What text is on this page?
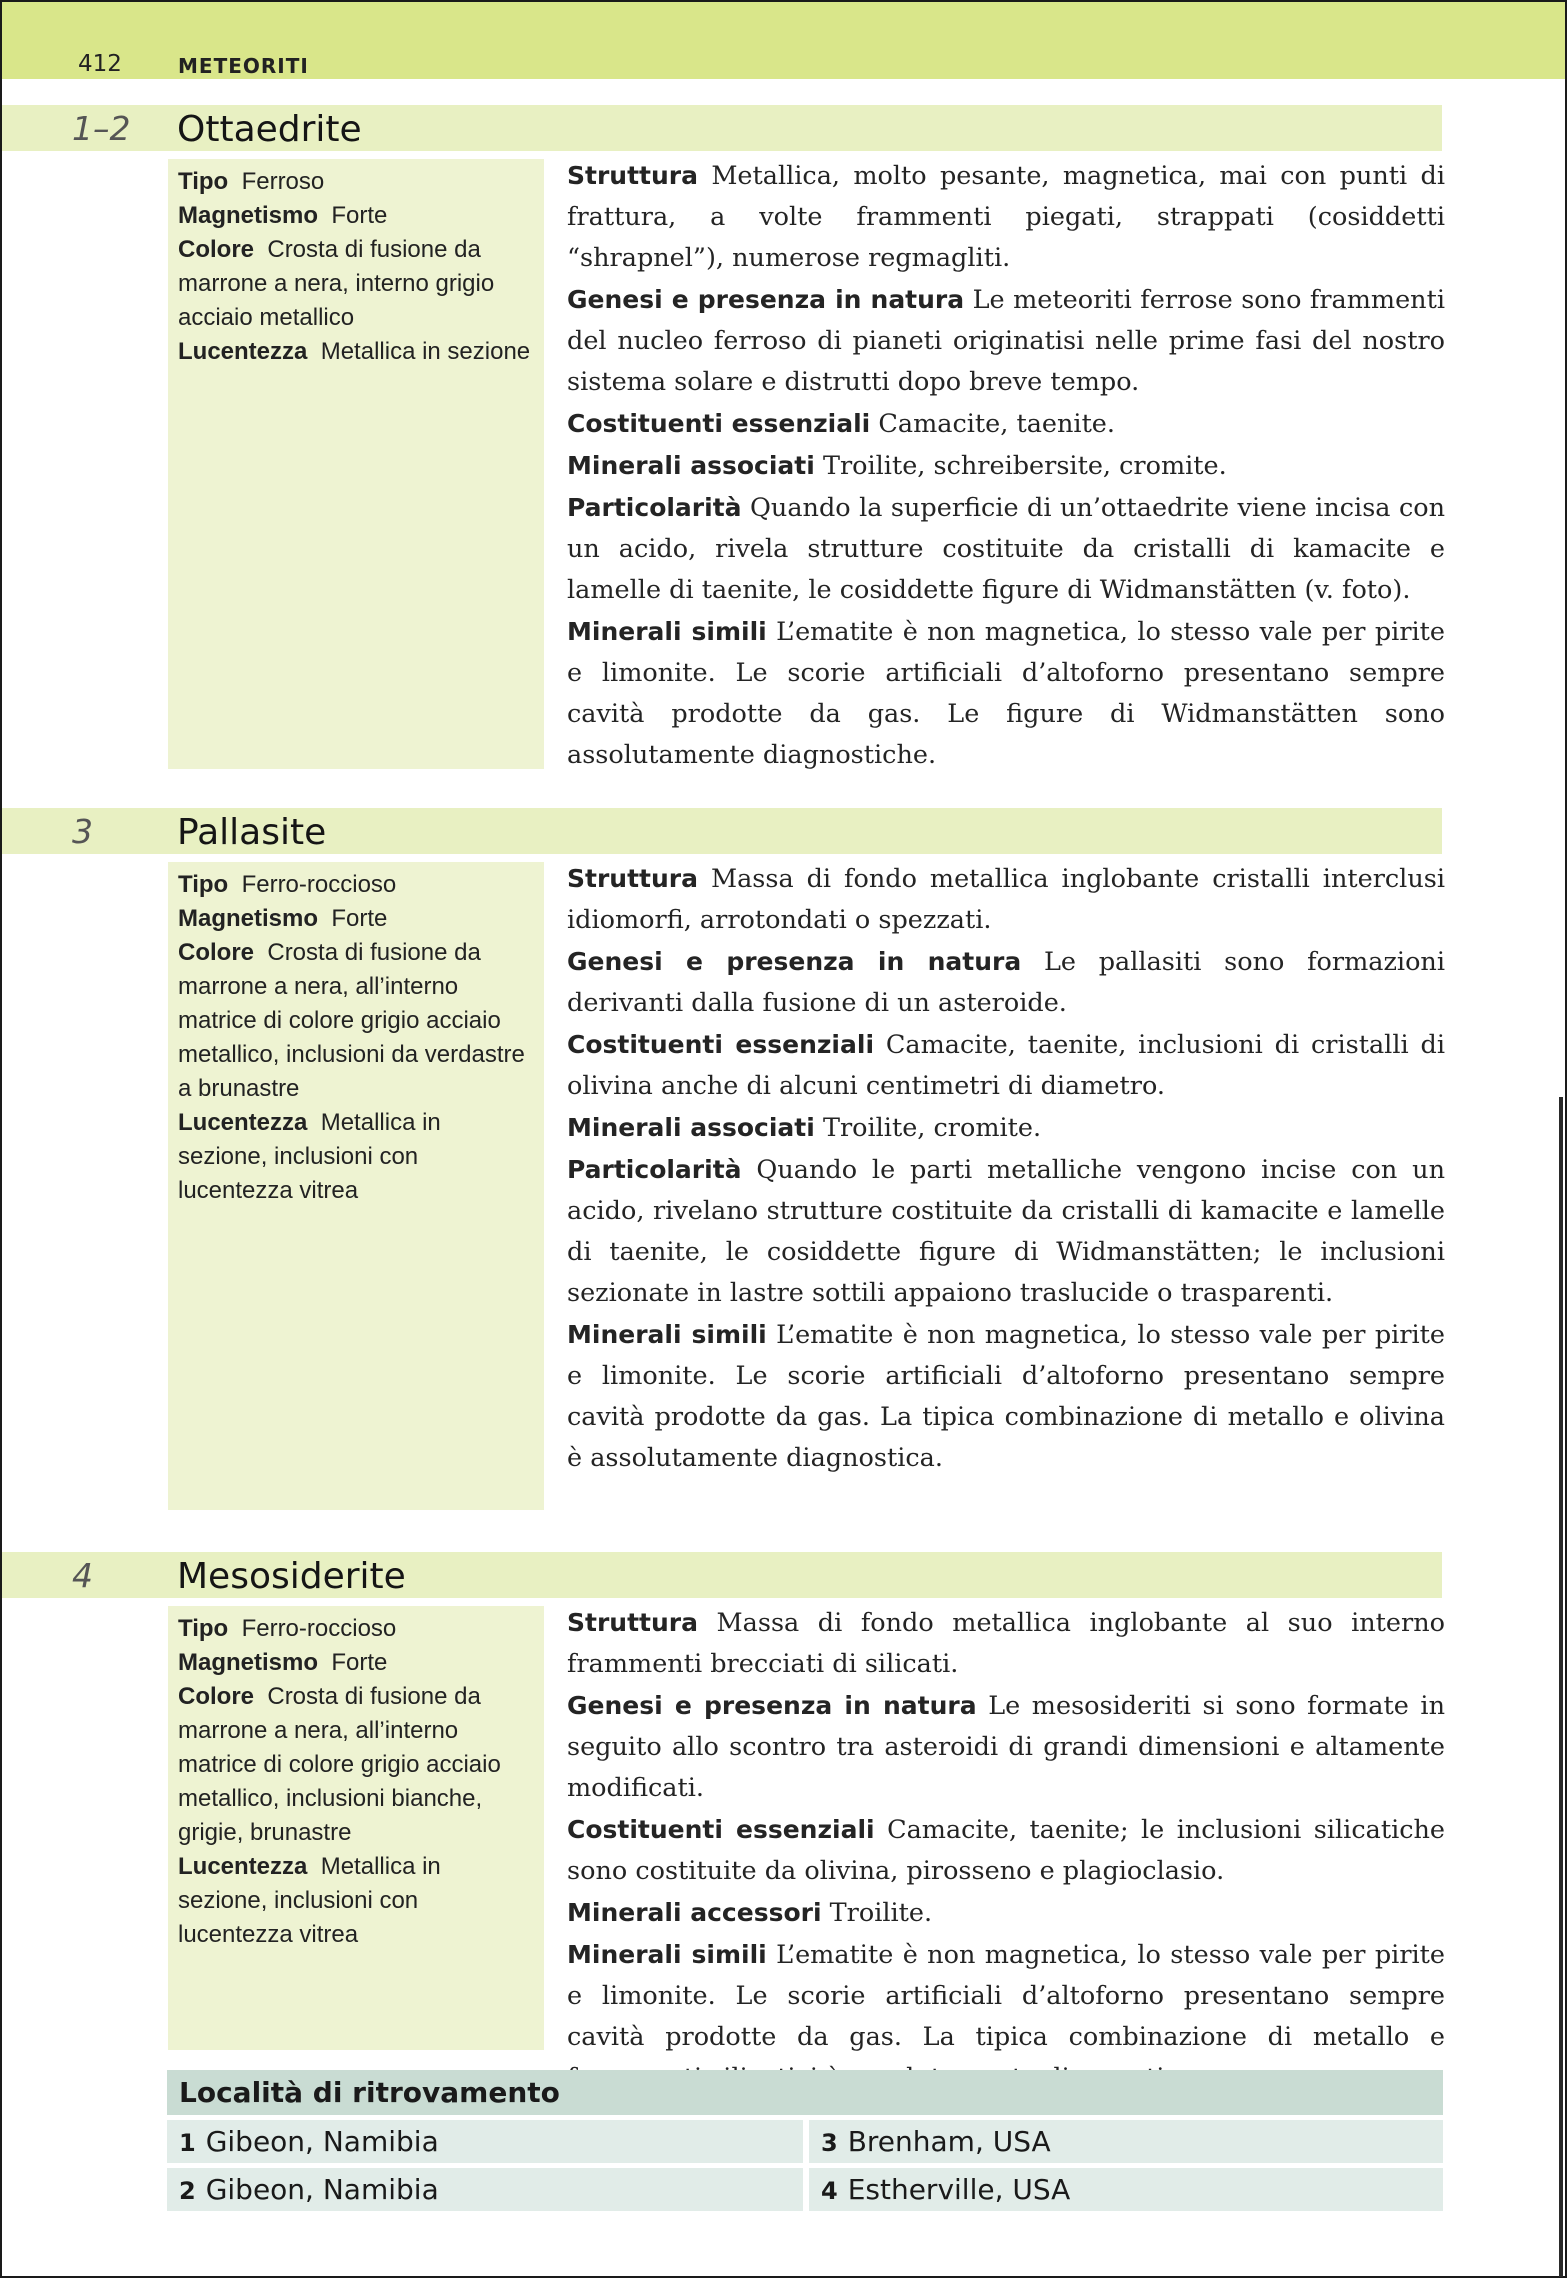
412	METEORITI
1–2 Ottaedrite
Tipo Ferroso
Magnetismo Forte
Colore Crosta di fusione da marrone a nera, interno grigio acciaio metallico
Lucentezza Metallica in sezione

Struttura Metallica, molto pesante, magnetica, mai con punti di frattura, a volte frammenti piegati, strappati (cosiddetti “shrapnel”), numerose regmagliti.

Genesi e presenza in natura Le meteoriti ferrose sono frammenti del nucleo ferroso di pianeti originatisi nelle prime fasi del nostro sistema solare e distrutti dopo breve tempo.

Costituenti essenziali Camacite, taenite.

Minerali associati Troilite, schreibersite, cromite.

Particolarità Quando la superficie di un’ottaedrite viene incisa con un acido, rivela strutture costituite da cristalli di kamacite e lamelle di taenite, le cosiddette figure di Widmanstätten (v. foto).

Minerali simili L’ematite è non magnetica, lo stesso vale per pirite e limonite. Le scorie artificiali d’altoforno presentano sempre cavità prodotte da gas. Le figure di Widmanstätten sono assolutamente diagnostiche.

3 Pallasite
Tipo Ferro-roccioso
Magnetismo Forte
Colore Crosta di fusione da marrone a nera, all’interno matrice di colore grigio acciaio metallico, inclusioni da verdastre a brunastre
Lucentezza Metallica in sezione, inclusioni con lucentezza vitrea

Struttura Massa di fondo metallica inglobante cristalli interclusi idiomorfi, arrotondati o spezzati.

Genesi e presenza in natura Le pallasiti sono formazioni derivanti dalla fusione di un asteroide.

Costituenti essenziali Camacite, taenite, inclusioni di cristalli di olivina anche di alcuni centimetri di diametro.

Minerali associati Troilite, cromite.

Particolarità Quando le parti metalliche vengono incise con un acido, rivelano strutture costituite da cristalli di kamacite e lamelle di taenite, le cosiddette figure di Widmanstätten; le inclusioni sezionate in lastre sottili appaiono traslucide o trasparenti.

Minerali simili L’ematite è non magnetica, lo stesso vale per pirite e limonite. Le scorie artificiali d’altoforno presentano sempre cavità prodotte da gas. La tipica combinazione di metallo e olivina è assolutamente diagnostica.

4 Mesosiderite
Tipo Ferro-roccioso
Magnetismo Forte
Colore Crosta di fusione da marrone a nera, all’interno matrice di colore grigio acciaio metallico, inclusioni bianche, grigie, brunastre
Lucentezza Metallica in sezione, inclusioni con lucentezza vitrea

Struttura Massa di fondo metallica inglobante al suo interno frammenti brecciati di silicati.

Genesi e presenza in natura Le mesosideriti si sono formate in seguito allo scontro tra asteroidi di grandi dimensioni e altamente modificati.

Costituenti essenziali Camacite, taenite; le inclusioni silicatiche sono costituite da olivina, pirosseno e plagioclasio.

Minerali accessori Troilite.

Minerali simili L’ematite è non magnetica, lo stesso vale per pirite e limonite. Le scorie artificiali d’altoforno presentano sempre cavità prodotte da gas. La tipica combinazione di metallo e

Località di ritrovamento
1 Gibeon, Namibia	3 Brenham, USA
2 Gibeon, Namibia	4 Estherville, USA
